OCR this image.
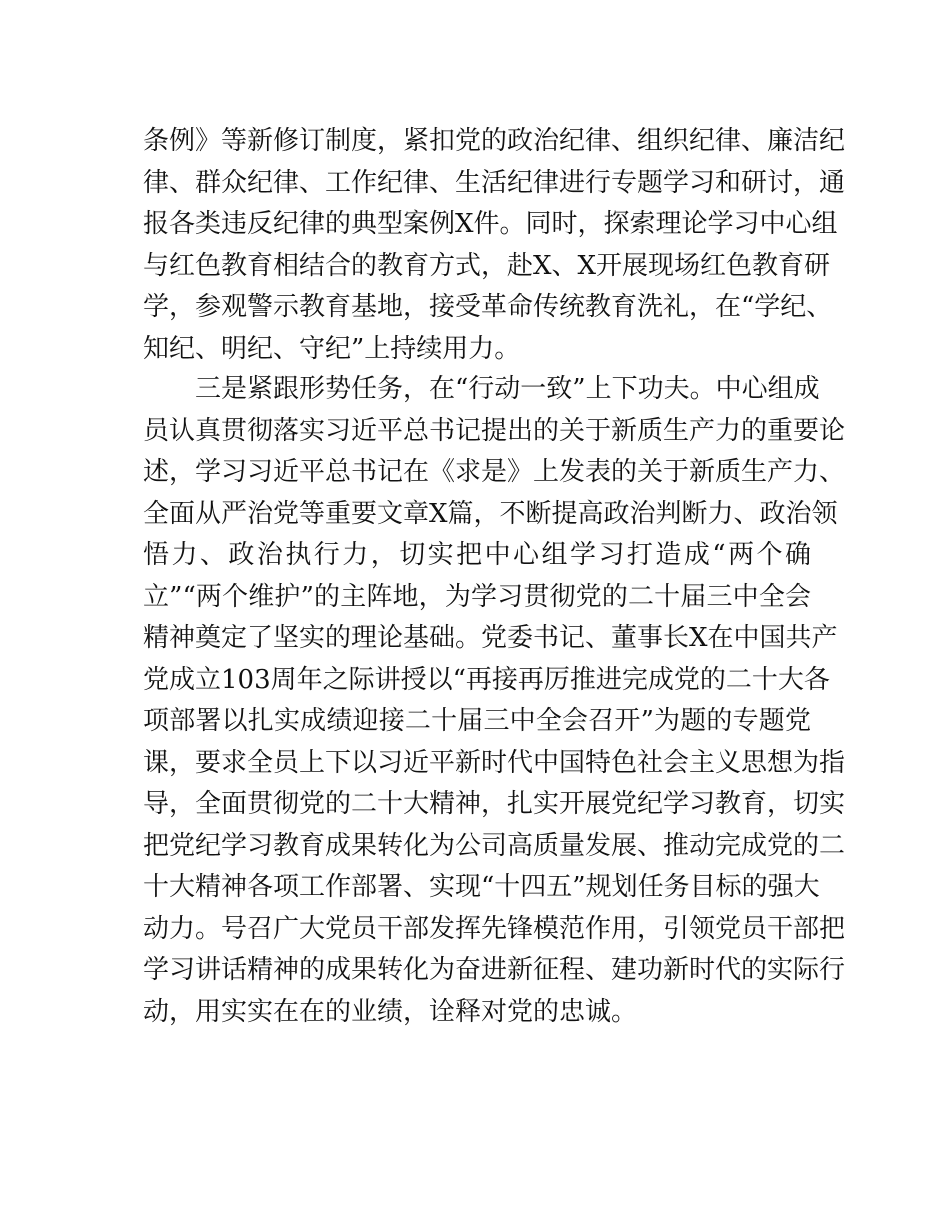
条例》等新修订制度，紧扣党的政治纪律、组织纪律、廉洁纪
律、群众纪律、工作纪律、生活纪律进行专题学习和研讨，通
报各类违反纪律的典型案例X件。同时，探索理论学习中心组
与红色教育相结合的教育方式，赴X、X开展现场红色教育研
学，参观警示教育基地，接受革命传统教育洗礼，在“学纪、
知纪、明纪、守纪”上持续用力。
　　三是紧跟形势任务，在“行动一致”上下功夫。中心组成
员认真贯彻落实习近平总书记提出的关于新质生产力的重要论
述，学习习近平总书记在《求是》上发表的关于新质生产力、
全面从严治党等重要文章X篇，不断提高政治判断力、政治领
悟力、政治执行力，切实把中心组学习打造成“两个确
立”“两个维护”的主阵地，为学习贯彻党的二十届三中全会
精神奠定了坚实的理论基础。党委书记、董事长X在中国共产
党成立103周年之际讲授以“再接再厉推进完成党的二十大各
项部署以扎实成绩迎接二十届三中全会召开”为题的专题党
课，要求全员上下以习近平新时代中国特色社会主义思想为指
导，全面贯彻党的二十大精神，扎实开展党纪学习教育，切实
把党纪学习教育成果转化为公司高质量发展、推动完成党的二
十大精神各项工作部署、实现“十四五”规划任务目标的强大
动力。号召广大党员干部发挥先锋模范作用，引领党员干部把
学习讲话精神的成果转化为奋进新征程、建功新时代的实际行
动，用实实在在的业绩，诠释对党的忠诚。
